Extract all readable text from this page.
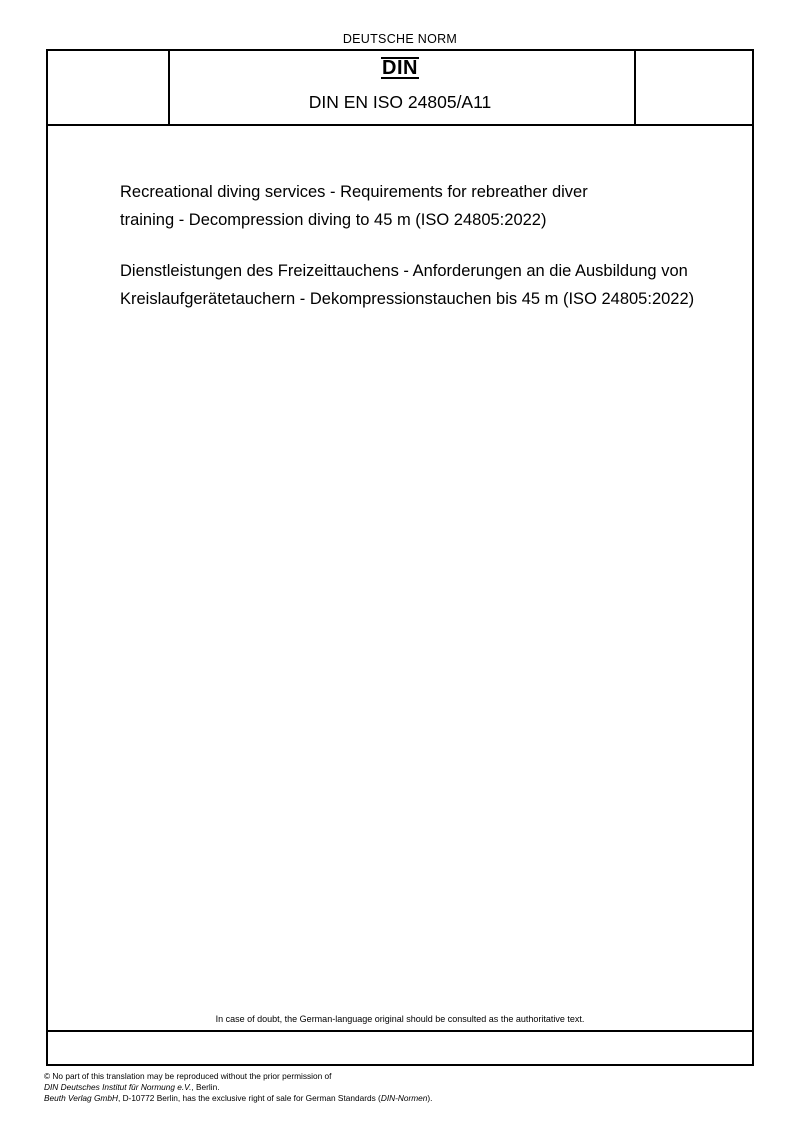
DEUTSCHE NORM
DIN
DIN EN ISO 24805/A11
Recreational diving services - Requirements for rebreather diver
training - Decompression diving to 45 m (ISO 24805:2022)
Dienstleistungen des Freizeittauchens - Anforderungen an die Ausbildung von
Kreislaufgerätetauchern - Dekompressionstauchen bis 45 m (ISO 24805:2022)
In case of doubt, the German-language original should be consulted as the authoritative text.
© No part of this translation may be reproduced without the prior permission of
DIN Deutsches Institut für Normung e.V., Berlin.
Beuth Verlag GmbH, D-10772 Berlin, has the exclusive right of sale for German Standards (DIN-Normen).
